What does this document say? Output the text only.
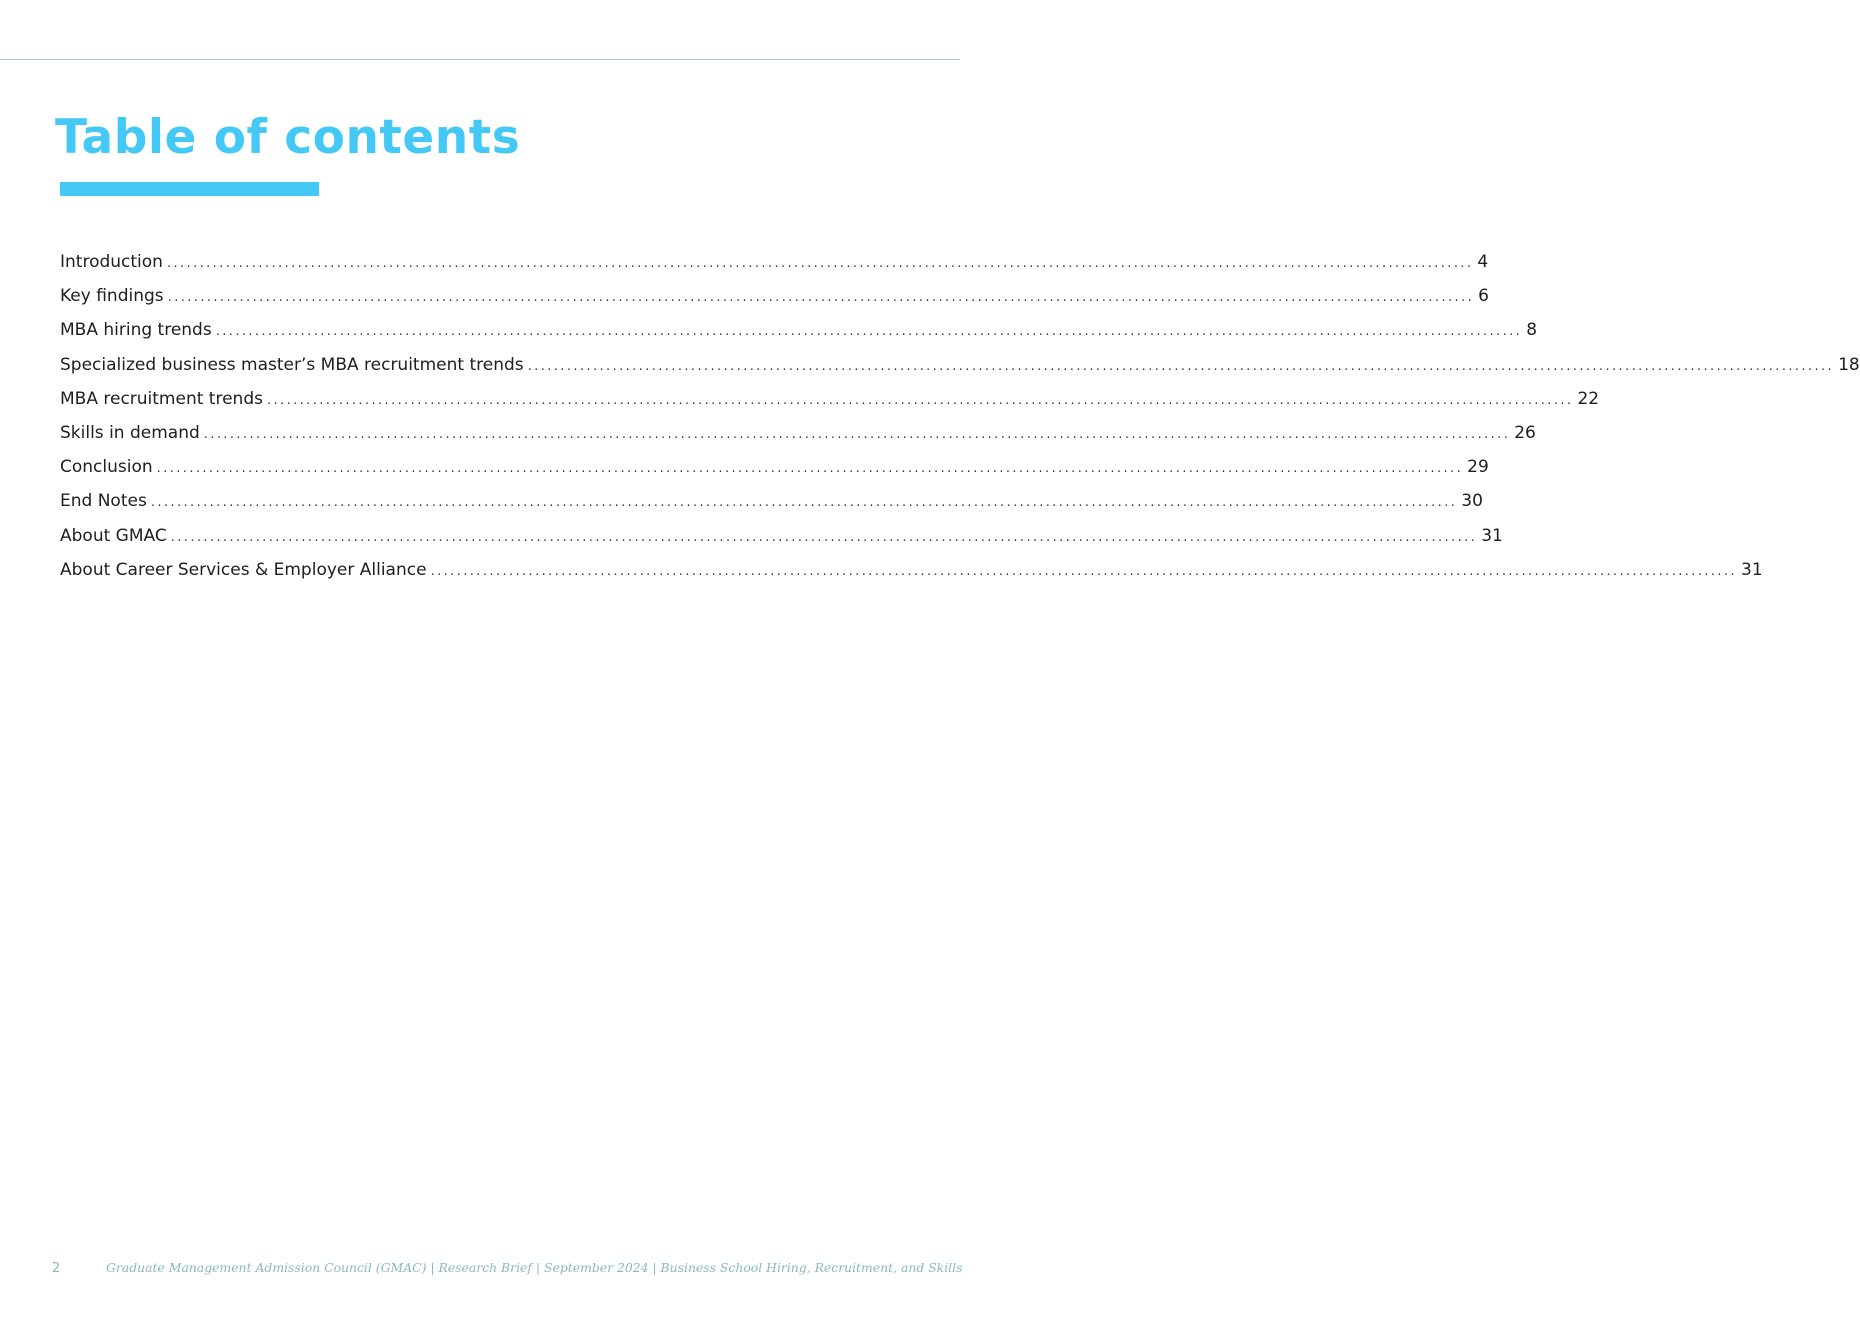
Table of contents
Introduction ........................................................................................................................................................................................................ 4
Key findings ........................................................................................................................................................................................................ 6
MBA hiring trends ........................................................................................................................................................................................................ 8
Specialized business master’s MBA recruitment trends ........................................................................................................................................................................................................ 18
MBA recruitment trends ........................................................................................................................................................................................................ 22
Skills in demand ........................................................................................................................................................................................................ 26
Conclusion ........................................................................................................................................................................................................ 29
End Notes ........................................................................................................................................................................................................ 30
About GMAC ........................................................................................................................................................................................................ 31
About Career Services & Employer Alliance ........................................................................................................................................................................................................ 31
2	Graduate Management Admission Council (GMAC) | Research Brief | September 2024 | Business School Hiring, Recruitment, and Skills
